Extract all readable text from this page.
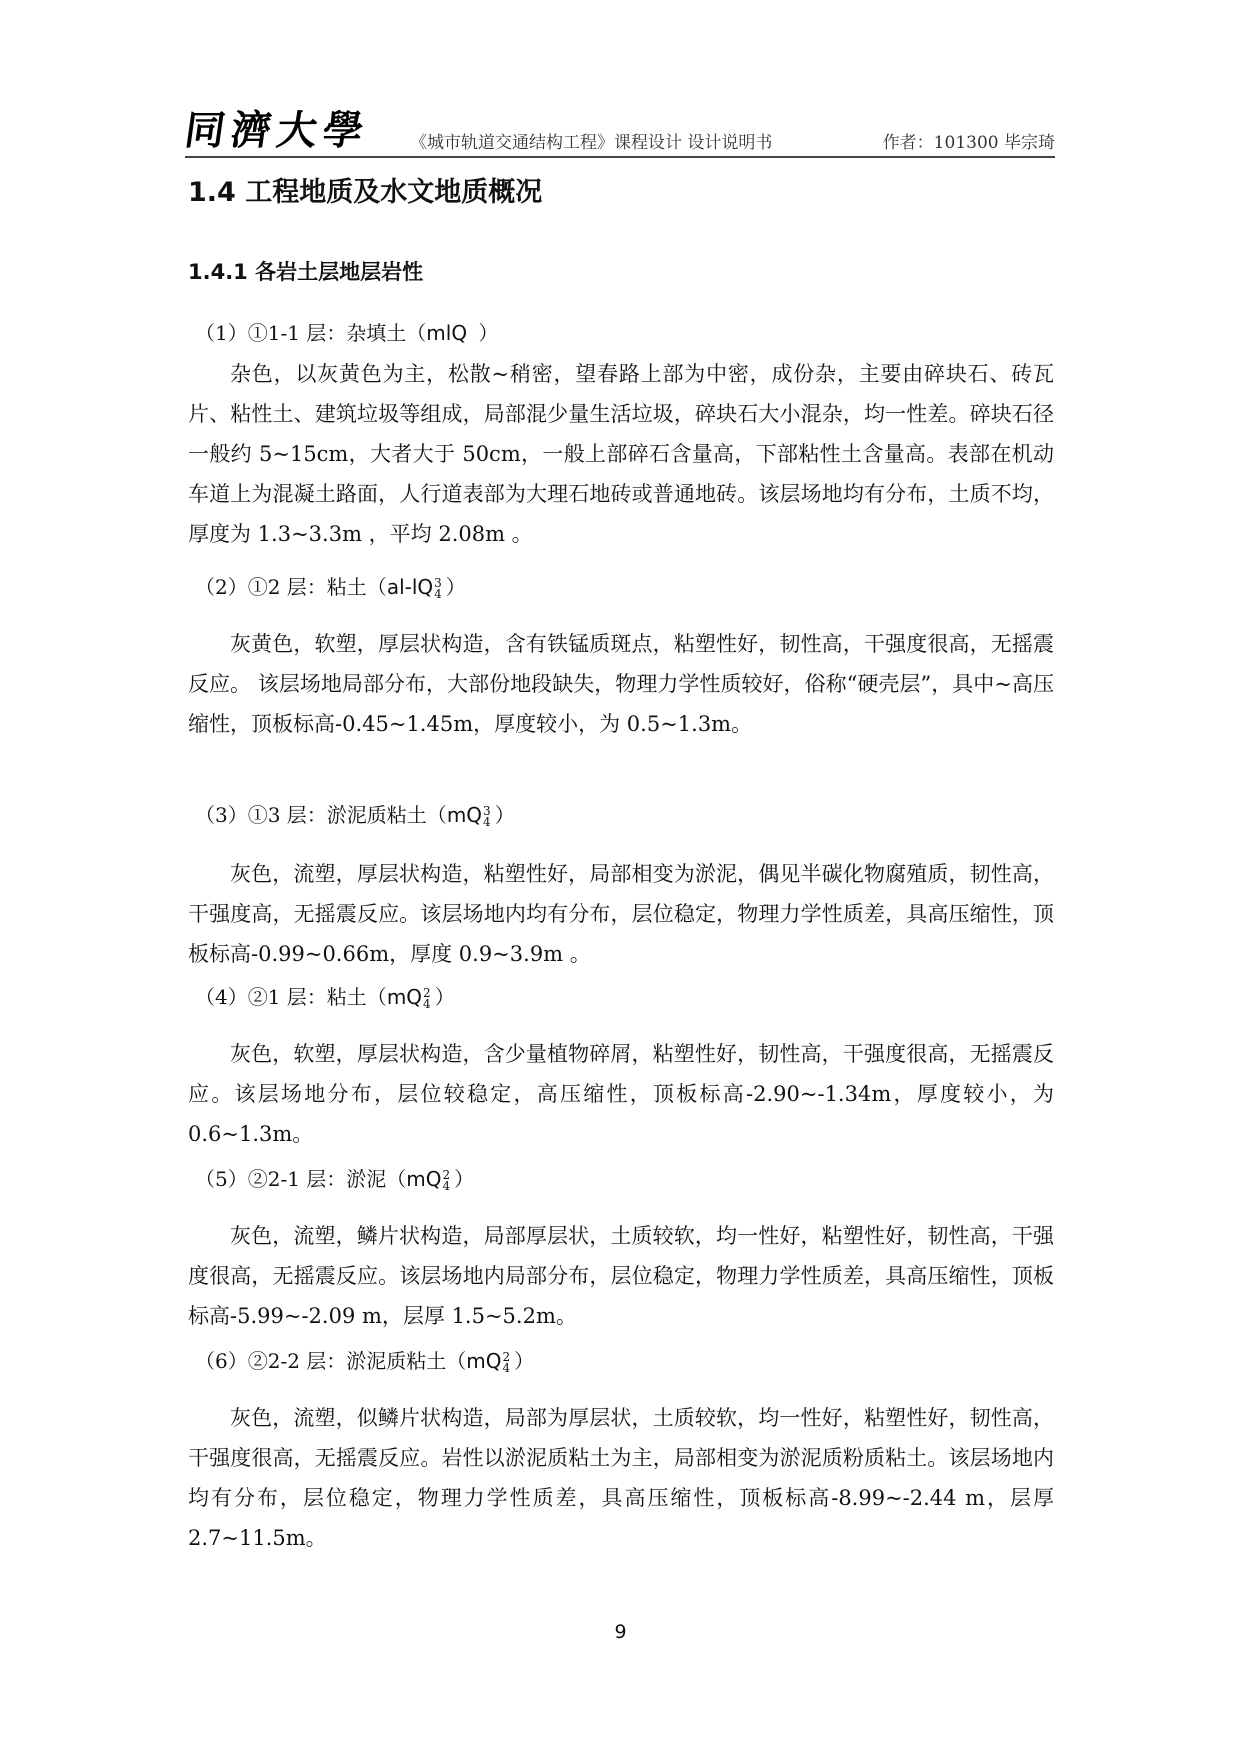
同濟大學 《城市轨道交通结构工程》课程设计 设计说明书	作者：101300 毕宗琦
1.4 工程地质及水文地质概况
1.4.1 各岩土层地层岩性
（1）①1-1 层：杂填土（mlQ
）

杂色，以灰黄色为主，松散~稍密，望春路上部为中密，成份杂，主要由碎块石、砖瓦片、粘性土、建筑垃圾等组成，局部混少量生活垃圾，碎块石大小混杂，均一性差。碎块石径一般约 5~15cm，大者大于 50cm，一般上部碎石含量高，下部粘性土含量高。表部在机动车道上为混凝土路面，人行道表部为大理石地砖或普通地砖。该层场地均有分布，土质不均，厚度为 1.3~3.3m ，平均 2.08m 。

（2）①2 层：粘土（al-lQ 3
4 ）

灰黄色，软塑，厚层状构造，含有铁锰质斑点，粘塑性好，韧性高，干强度很高，无摇震反应。 该层场地局部分布，大部份地段缺失，物理力学性质较好，俗称“硬壳层”，具中~高压缩性，顶板标高-0.45~1.45m，厚度较小，为 0.5~1.3m。

（3）①3 层：淤泥质粘土（mQ 3
4 ）

灰色，流塑，厚层状构造，粘塑性好，局部相变为淤泥，偶见半碳化物腐殖质，韧性高，干强度高，无摇震反应。该层场地内均有分布，层位稳定，物理力学性质差，具高压缩性，顶板标高-0.99~0.66m，厚度 0.9~3.9m 。

（4）②1 层：粘土（mQ 2
4 ）

灰色，软塑，厚层状构造，含少量植物碎屑，粘塑性好，韧性高，干强度很高，无摇震反应。该层场地分布，层位较稳定，高压缩性，顶板标高-2.90~-1.34m，厚度较小，为 0.6~1.3m。

（5）②2-1 层：淤泥（mQ 2
4 ）

灰色，流塑，鳞片状构造，局部厚层状，土质较软，均一性好，粘塑性好，韧性高，干强度很高，无摇震反应。该层场地内局部分布，层位稳定，物理力学性质差，具高压缩性，顶板标高-5.99~-2.09 m，层厚 1.5~5.2m。

（6）②2-2 层：淤泥质粘土（mQ 2
4 ）

灰色，流塑，似鳞片状构造，局部为厚层状，土质较软，均一性好，粘塑性好，韧性高，干强度很高，无摇震反应。岩性以淤泥质粘土为主，局部相变为淤泥质粉质粘土。该层场地内均有分布，层位稳定，物理力学性质差，具高压缩性，顶板标高-8.99~-2.44 m，层厚 2.7~11.5m。

9
